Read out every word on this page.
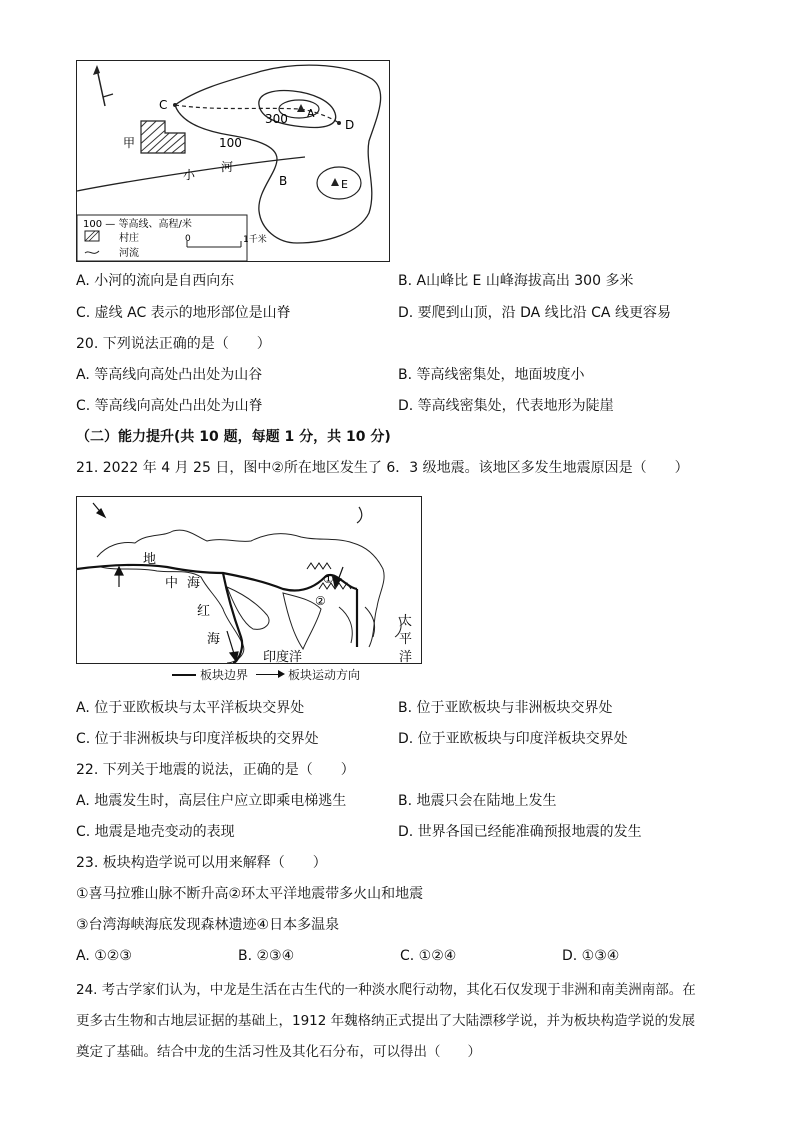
C
A
D
B	E
甲
300
100
小
河
100 — 等高线、高程/米
村庄
河流
0	1千米
A. 小河的流向是自西向东	B. A山峰比 E 山峰海拔高出 300 多米
C. 虚线 AC 表示的地形部位是山脊	D. 要爬到山顶，沿 DA 线比沿 CA 线更容易
20. 下列说法正确的是（　　）
A. 等高线向高处凸出处为山谷	B. 等高线密集处，地面坡度小
C. 等高线向高处凸出处为山脊	D. 等高线密集处，代表地形为陡崖
（二）能力提升(共 10 题，每题 1 分，共 10 分)
21. 2022 年 4 月 25 日，图中②所在地区发生了 6．3 级地震。该地区多发生地震原因是（　　）
地
中 海
红
海
印度洋
太
平
洋
①
②
板块边界	板块运动方向
A. 位于亚欧板块与太平洋板块交界处	B. 位于亚欧板块与非洲板块交界处
C. 位于非洲板块与印度洋板块的交界处	D. 位于亚欧板块与印度洋板块交界处
22. 下列关于地震的说法，正确的是（　　）
A. 地震发生时，高层住户应立即乘电梯逃生	B. 地震只会在陆地上发生
C. 地震是地壳变动的表现	D. 世界各国已经能准确预报地震的发生
23. 板块构造学说可以用来解释（　　）
①喜马拉雅山脉不断升高②环太平洋地震带多火山和地震
③台湾海峡海底发现森林遗迹④日本多温泉
A. ①②③	B. ②③④	C. ①②④	D. ①③④
24. 考古学家们认为，中龙是生活在古生代的一种淡水爬行动物，其化石仅发现于非洲和南美洲南部。在
更多古生物和古地层证据的基础上，1912 年魏格纳正式提出了大陆漂移学说，并为板块构造学说的发展
奠定了基础。结合中龙的生活习性及其化石分布，可以得出（　　）
